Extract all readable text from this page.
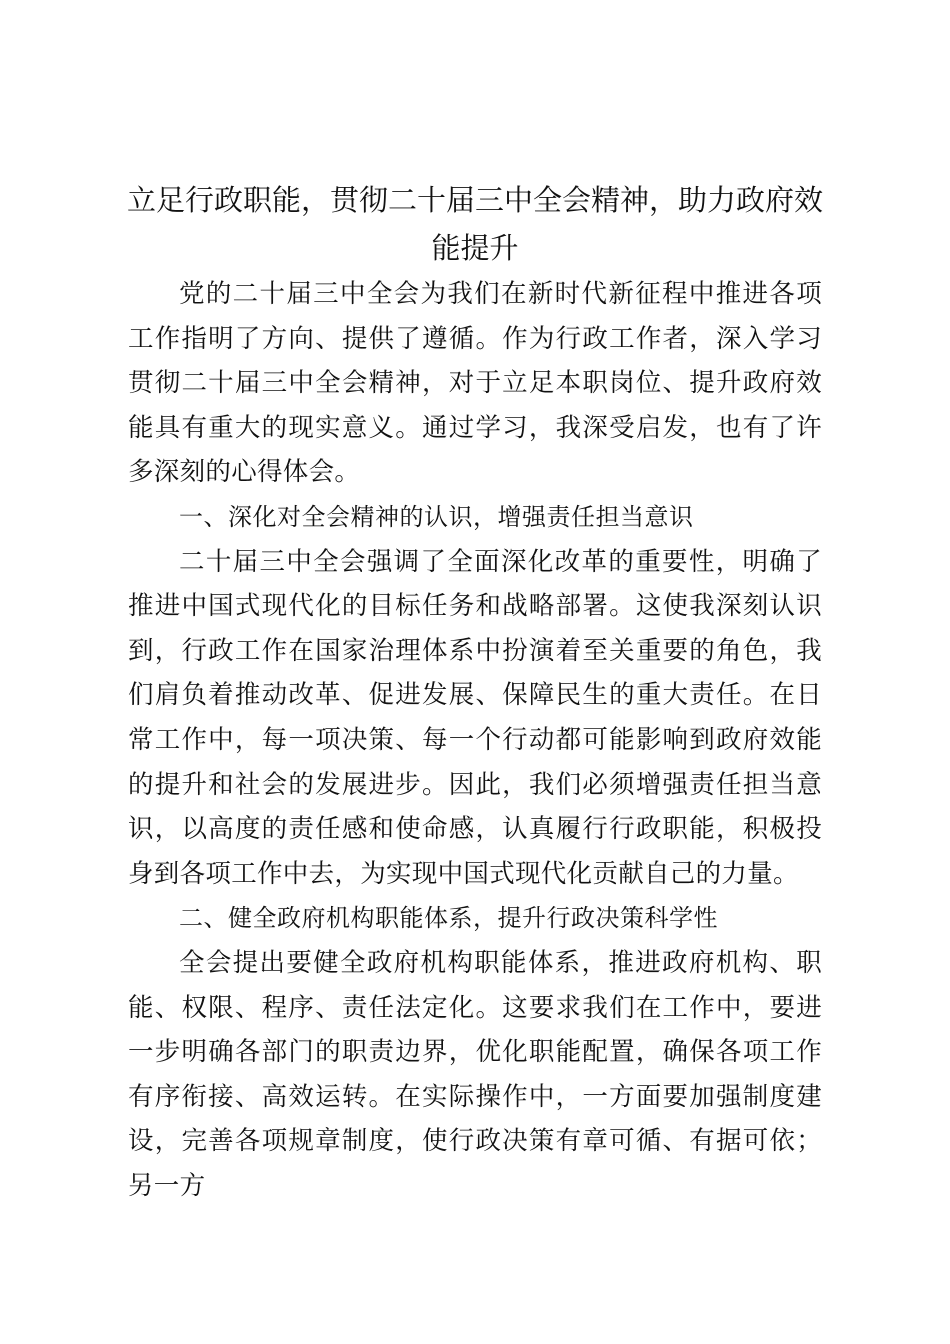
立足行政职能，贯彻二十届三中全会精神，助力政府效能提升

党的二十届三中全会为我们在新时代新征程中推进各项工作指明了方向、提供了遵循。作为行政工作者，深入学习贯彻二十届三中全会精神，对于立足本职岗位、提升政府效能具有重大的现实意义。通过学习，我深受启发，也有了许多深刻的心得体会。

一、深化对全会精神的认识，增强责任担当意识

二十届三中全会强调了全面深化改革的重要性，明确了推进中国式现代化的目标任务和战略部署。这使我深刻认识到，行政工作在国家治理体系中扮演着至关重要的角色，我们肩负着推动改革、促进发展、保障民生的重大责任。在日常工作中，每一项决策、每一个行动都可能影响到政府效能的提升和社会的发展进步。因此，我们必须增强责任担当意识，以高度的责任感和使命感，认真履行行政职能，积极投身到各项工作中去，为实现中国式现代化贡献自己的力量。

二、健全政府机构职能体系，提升行政决策科学性

全会提出要健全政府机构职能体系，推进政府机构、职能、权限、程序、责任法定化。这要求我们在工作中，要进一步明确各部门的职责边界，优化职能配置，确保各项工作有序衔接、高效运转。在实际操作中，一方面要加强制度建设，完善各项规章制度，使行政决策有章可循、有据可依；另一方
